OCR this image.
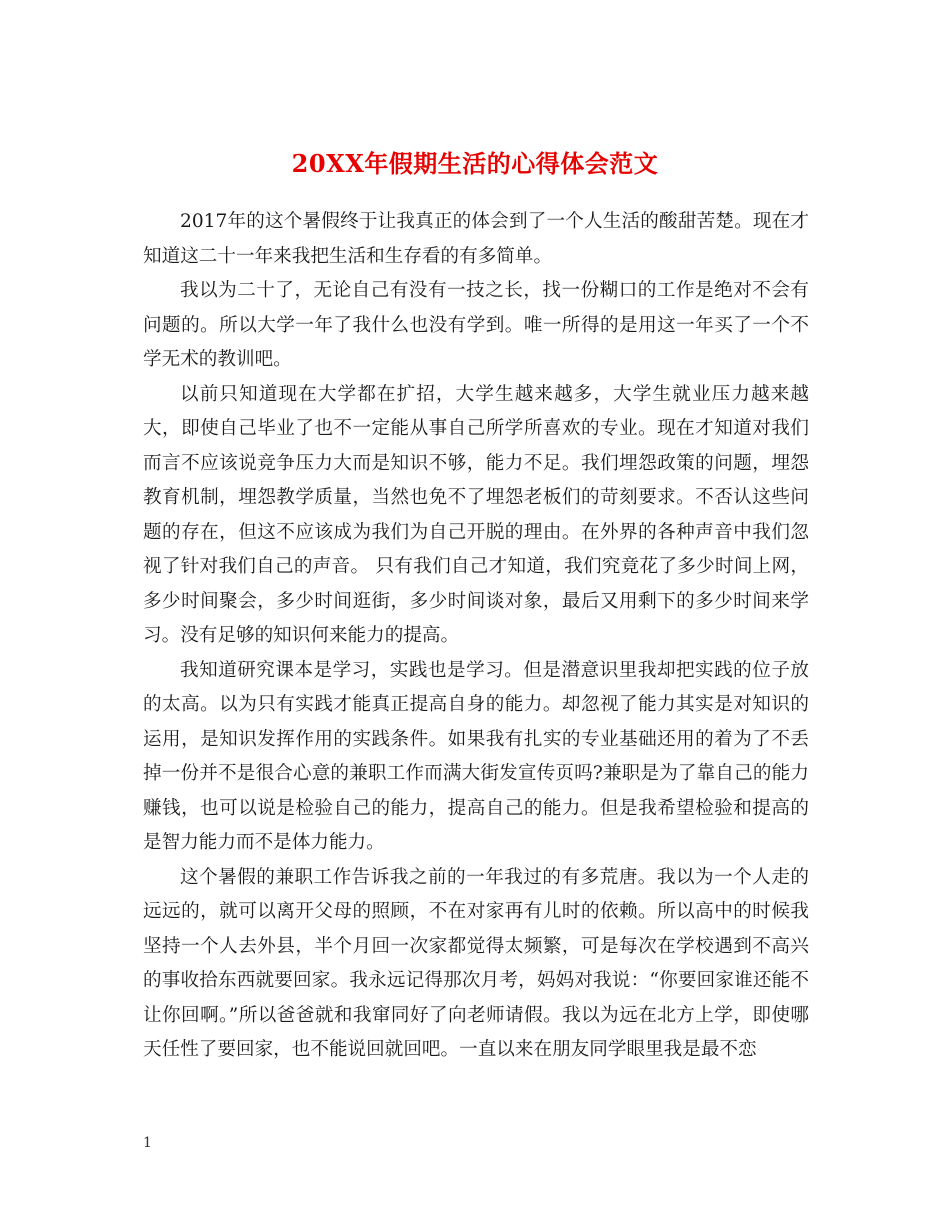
20XX年假期生活的心得体会范文

2017年的这个暑假终于让我真正的体会到了一个人生活的酸甜苦楚。现在才知道这二十一年来我把生活和生存看的有多简单。

我以为二十了，无论自己有没有一技之长，找一份糊口的工作是绝对不会有问题的。所以大学一年了我什么也没有学到。唯一所得的是用这一年买了一个不学无术的教训吧。

以前只知道现在大学都在扩招，大学生越来越多，大学生就业压力越来越大，即使自己毕业了也不一定能从事自己所学所喜欢的专业。现在才知道对我们而言不应该说竞争压力大而是知识不够，能力不足。我们埋怨政策的问题，埋怨教育机制，埋怨教学质量，当然也免不了埋怨老板们的苛刻要求。不否认这些问题的存在，但这不应该成为我们为自己开脱的理由。在外界的各种声音中我们忽视了针对我们自己的声音。 只有我们自己才知道，我们究竟花了多少时间上网，多少时间聚会，多少时间逛街，多少时间谈对象，最后又用剩下的多少时间来学习。没有足够的知识何来能力的提高。

我知道研究课本是学习，实践也是学习。但是潜意识里我却把实践的位子放的太高。以为只有实践才能真正提高自身的能力。却忽视了能力其实是对知识的运用，是知识发挥作用的实践条件。如果我有扎实的专业基础还用的着为了不丢掉一份并不是很合心意的兼职工作而满大街发宣传页吗?兼职是为了靠自己的能力赚钱，也可以说是检验自己的能力，提高自己的能力。但是我希望检验和提高的是智力能力而不是体力能力。

这个暑假的兼职工作告诉我之前的一年我过的有多荒唐。我以为一个人走的远远的，就可以离开父母的照顾，不在对家再有儿时的依赖。所以高中的时候我坚持一个人去外县，半个月回一次家都觉得太频繁，可是每次在学校遇到不高兴的事收拾东西就要回家。我永远记得那次月考，妈妈对我说：“你要回家谁还能不让你回啊。”所以爸爸就和我窜同好了向老师请假。我以为远在北方上学，即使哪天任性了要回家，也不能说回就回吧。一直以来在朋友同学眼里我是最不恋

1
